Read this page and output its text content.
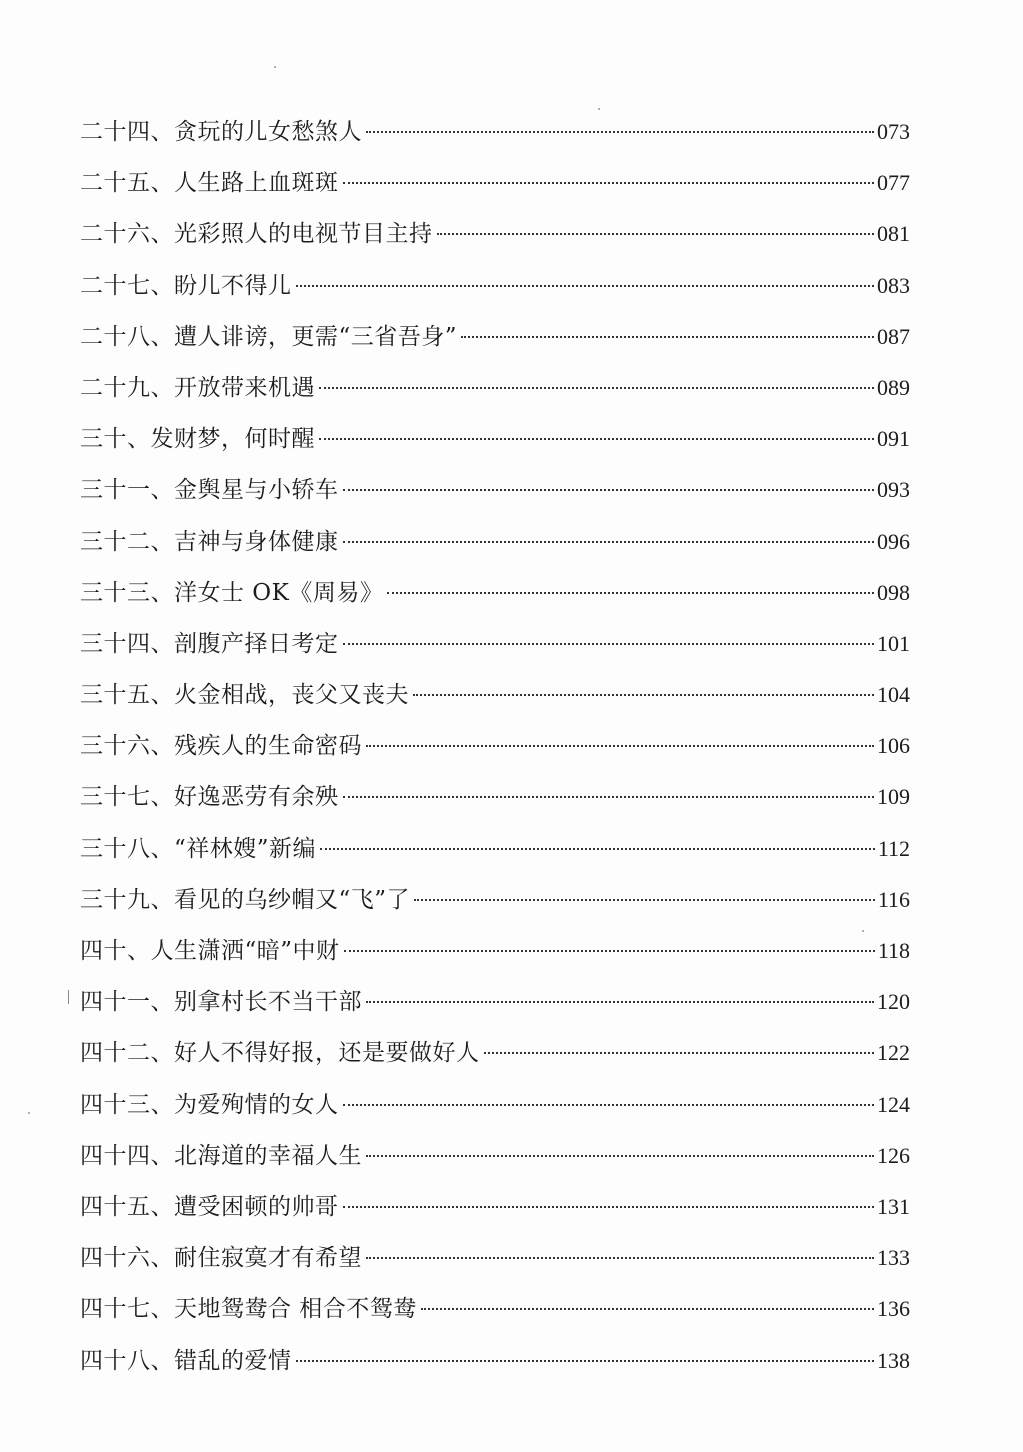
二十四、贪玩的儿女愁煞人	073
二十五、人生路上血斑斑	077
二十六、光彩照人的电视节目主持	081
二十七、盼儿不得儿	083
二十八、遭人诽谤，更需“三省吾身”	087
二十九、开放带来机遇	089
三十、发财梦，何时醒	091
三十一、金舆星与小轿车	093
三十二、吉神与身体健康	096
三十三、洋女士 OK《周易》	098
三十四、剖腹产择日考定	101
三十五、火金相战，丧父又丧夫	104
三十六、残疾人的生命密码	106
三十七、好逸恶劳有余殃	109
三十八、“祥林嫂”新编	112
三十九、看见的乌纱帽又“飞”了	116
四十、人生潇洒“暗”中财	118
四十一、别拿村长不当干部	120
四十二、好人不得好报，还是要做好人	122
四十三、为爱殉情的女人	124
四十四、北海道的幸福人生	126
四十五、遭受困顿的帅哥	131
四十六、耐住寂寞才有希望	133
四十七、天地鸳鸯合 相合不鸳鸯	136
四十八、错乱的爱情	138
